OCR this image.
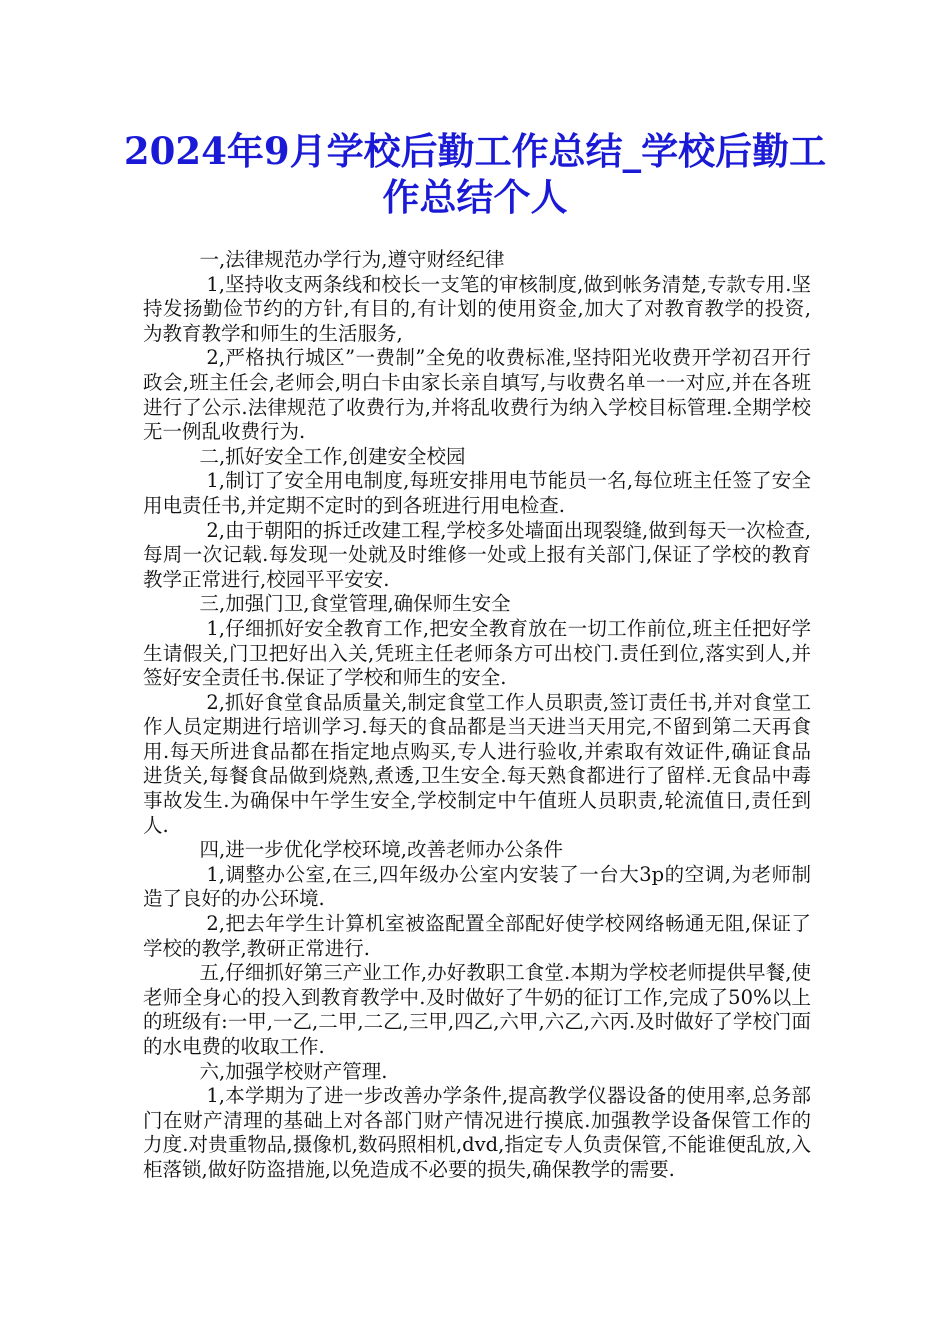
2024年9月学校后勤工作总结_学校后勤工作总结个人

一,法律规范办学行为,遵守财经纪律

1,坚持收支两条线和校长一支笔的审核制度,做到帐务清楚,专款专用.坚持发扬勤俭节约的方针,有目的,有计划的使用资金,加大了对教育教学的投资,为教育教学和师生的生活服务,

2,严格执行城区”一费制”全免的收费标准,坚持阳光收费开学初召开行政会,班主任会,老师会,明白卡由家长亲自填写,与收费名单一一对应,并在各班进行了公示.法律规范了收费行为,并将乱收费行为纳入学校目标管理.全期学校无一例乱收费行为.

二,抓好安全工作,创建安全校园

1,制订了安全用电制度,每班安排用电节能员一名,每位班主任签了安全用电责任书,并定期不定时的到各班进行用电检查.

2,由于朝阳的拆迁改建工程,学校多处墙面出现裂缝,做到每天一次检查,每周一次记载.每发现一处就及时维修一处或上报有关部门,保证了学校的教育教学正常进行,校园平平安安.

三,加强门卫,食堂管理,确保师生安全

1,仔细抓好安全教育工作,把安全教育放在一切工作前位,班主任把好学生请假关,门卫把好出入关,凭班主任老师条方可出校门.责任到位,落实到人,并签好安全责任书.保证了学校和师生的安全.

2,抓好食堂食品质量关,制定食堂工作人员职责,签订责任书,并对食堂工作人员定期进行培训学习.每天的食品都是当天进当天用完,不留到第二天再食用.每天所进食品都在指定地点购买,专人进行验收,并索取有效证件,确证食品进货关,每餐食品做到烧熟,煮透,卫生安全.每天熟食都进行了留样.无食品中毒事故发生.为确保中午学生安全,学校制定中午值班人员职责,轮流值日,责任到人.

四,进一步优化学校环境,改善老师办公条件

1,调整办公室,在三,四年级办公室内安装了一台大3p的空调,为老师制造了良好的办公环境.

2,把去年学生计算机室被盗配置全部配好使学校网络畅通无阻,保证了学校的教学,教研正常进行.

五,仔细抓好第三产业工作,办好教职工食堂.本期为学校老师提供早餐,使老师全身心的投入到教育教学中.及时做好了牛奶的征订工作,完成了50%以上的班级有:一甲,一乙,二甲,二乙,三甲,四乙,六甲,六乙,六丙.及时做好了学校门面的水电费的收取工作.

六,加强学校财产管理.

1,本学期为了进一步改善办学条件,提高教学仪器设备的使用率,总务部门在财产清理的基础上对各部门财产情况进行摸底.加强教学设备保管工作的力度.对贵重物品,摄像机,数码照相机,dvd,指定专人负责保管,不能谁便乱放,入柜落锁,做好防盗措施,以免造成不必要的损失,确保教学的需要.
